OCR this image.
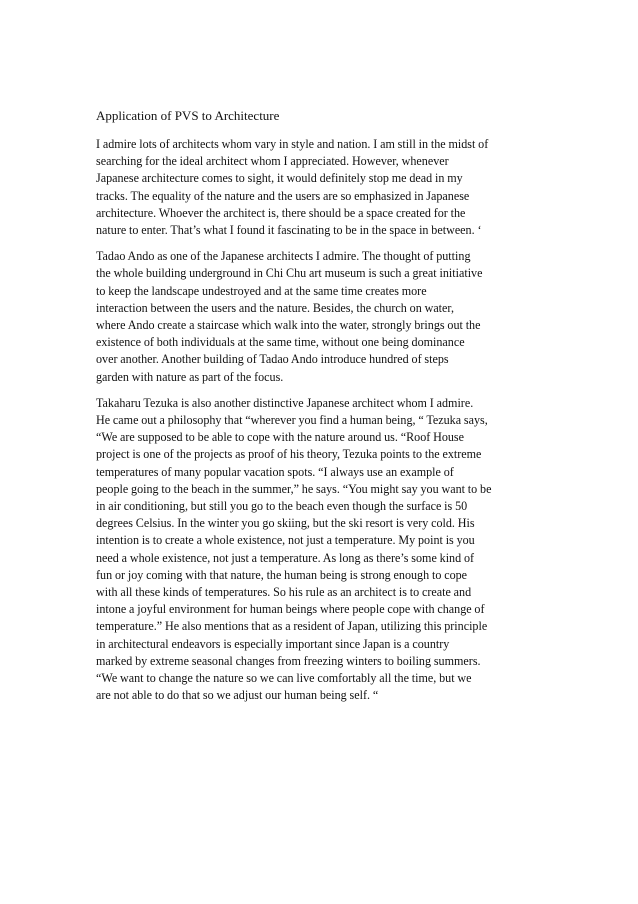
Application of PVS to Architecture
I admire lots of architects whom vary in style and nation. I am still in the midst of
searching for the ideal architect whom I appreciated. However, whenever
Japanese architecture comes to sight, it would definitely stop me dead in my
tracks. The equality of the nature and the users are so emphasized in Japanese
architecture. Whoever the architect is, there should be a space created for the
nature to enter. That’s what I found it fascinating to be in the space in between. ‘
Tadao Ando as one of the Japanese architects I admire. The thought of putting
the whole building underground in Chi Chu art museum is such a great initiative
to keep the landscape undestroyed and at the same time creates more
interaction between the users and the nature. Besides, the church on water,
where Ando create a staircase which walk into the water, strongly brings out the
existence of both individuals at the same time, without one being dominance
over another. Another building of Tadao Ando introduce hundred of steps
garden with nature as part of the focus.
Takaharu Tezuka is also another distinctive Japanese architect whom I admire.
He came out a philosophy that “wherever you find a human being, “ Tezuka says,
“We are supposed to be able to cope with the nature around us. “Roof House
project is one of the projects as proof of his theory, Tezuka points to the extreme
temperatures of many popular vacation spots. “I always use an example of
people going to the beach in the summer,” he says. “You might say you want to be
in air conditioning, but still you go to the beach even though the surface is 50
degrees Celsius. In the winter you go skiing, but the ski resort is very cold. His
intention is to create a whole existence, not just a temperature. My point is you
need a whole existence, not just a temperature. As long as there’s some kind of
fun or joy coming with that nature, the human being is strong enough to cope
with all these kinds of temperatures. So his rule as an architect is to create and
intone a joyful environment for human beings where people cope with change of
temperature.” He also mentions that as a resident of Japan, utilizing this principle
in architectural endeavors is especially important since Japan is a country
marked by extreme seasonal changes from freezing winters to boiling summers.
“We want to change the nature so we can live comfortably all the time, but we
are not able to do that so we adjust our human being self. “
